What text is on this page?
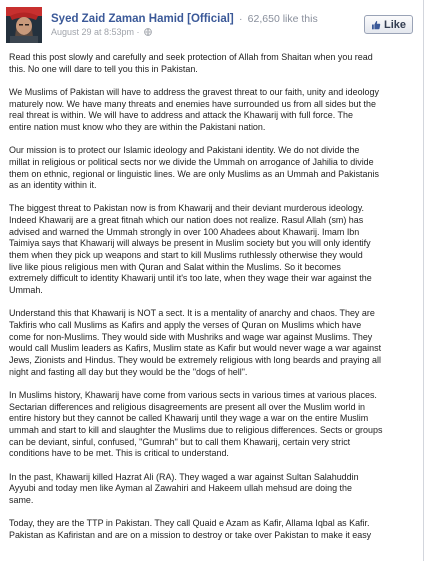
Syed Zaid Zaman Hamid [Official] · 62,650 like this
August 29 at 8:53pm ·
Like

Read this post slowly and carefully and seek protection of Allah from Shaitan when you read
this. No one will dare to tell you this in Pakistan.

We Muslims of Pakistan will have to address the gravest threat to our faith, unity and ideology
maturely now. We have many threats and enemies have surrounded us from all sides but the
real threat is within. We will have to address and attack the Khawarij with full force. The
entire nation must know who they are within the Pakistani nation.

Our mission is to protect our Islamic ideology and Pakistani identity. We do not divide the
millat in religious or political sects nor we divide the Ummah on arrogance of Jahilia to divide
them on ethnic, regional or linguistic lines. We are only Muslims as an Ummah and Pakistanis
as an identity within it.

The biggest threat to Pakistan now is from Khawarij and their deviant murderous ideology.
Indeed Khawarij are a great fitnah which our nation does not realize. Rasul Allah (sm) has
advised and warned the Ummah strongly in over 100 Ahadees about Khawarij. Imam Ibn
Taimiya says that Khawarij will always be present in Muslim society but you will only identify
them when they pick up weapons and start to kill Muslims ruthlessly otherwise they would
live like pious religious men with Quran and Salat within the Muslims. So it becomes
extremely difficult to identity Khawarij until it's too late, when they wage their war against the
Ummah.

Understand this that Khawarij is NOT a sect. It is a mentality of anarchy and chaos. They are
Takfiris who call Muslims as Kafirs and apply the verses of Quran on Muslims which have
come for non-Muslims. They would side with Mushriks and wage war against Muslims. They
would call Muslim leaders as Kafirs, Muslim state as Kafir but would never wage a war against
Jews, Zionists and Hindus. They would be extremely religious with long beards and praying all
night and fasting all day but they would be the "dogs of hell".

In Muslims history, Khawarij have come from various sects in various times at various places.
Sectarian differences and religious disagreements are present all over the Muslim world in
entire history but they cannot be called Khawarij until they wage a war on the entire Muslim
ummah and start to kill and slaughter the Muslims due to religious differences. Sects or groups
can be deviant, sinful, confused, "Gumrah" but to call them Khawarij, certain very strict
conditions have to be met. This is critical to understand.

In the past, Khawarij killed Hazrat Ali (RA). They waged a war against Sultan Salahuddin
Ayyubi and today men like Ayman al Zawahiri and Hakeem ullah mehsud are doing the
same.

Today, they are the TTP in Pakistan. They call Quaid e Azam as Kafir, Allama Iqbal as Kafir.
Pakistan as Kafiristan and are on a mission to destroy or take over Pakistan to make it easy
